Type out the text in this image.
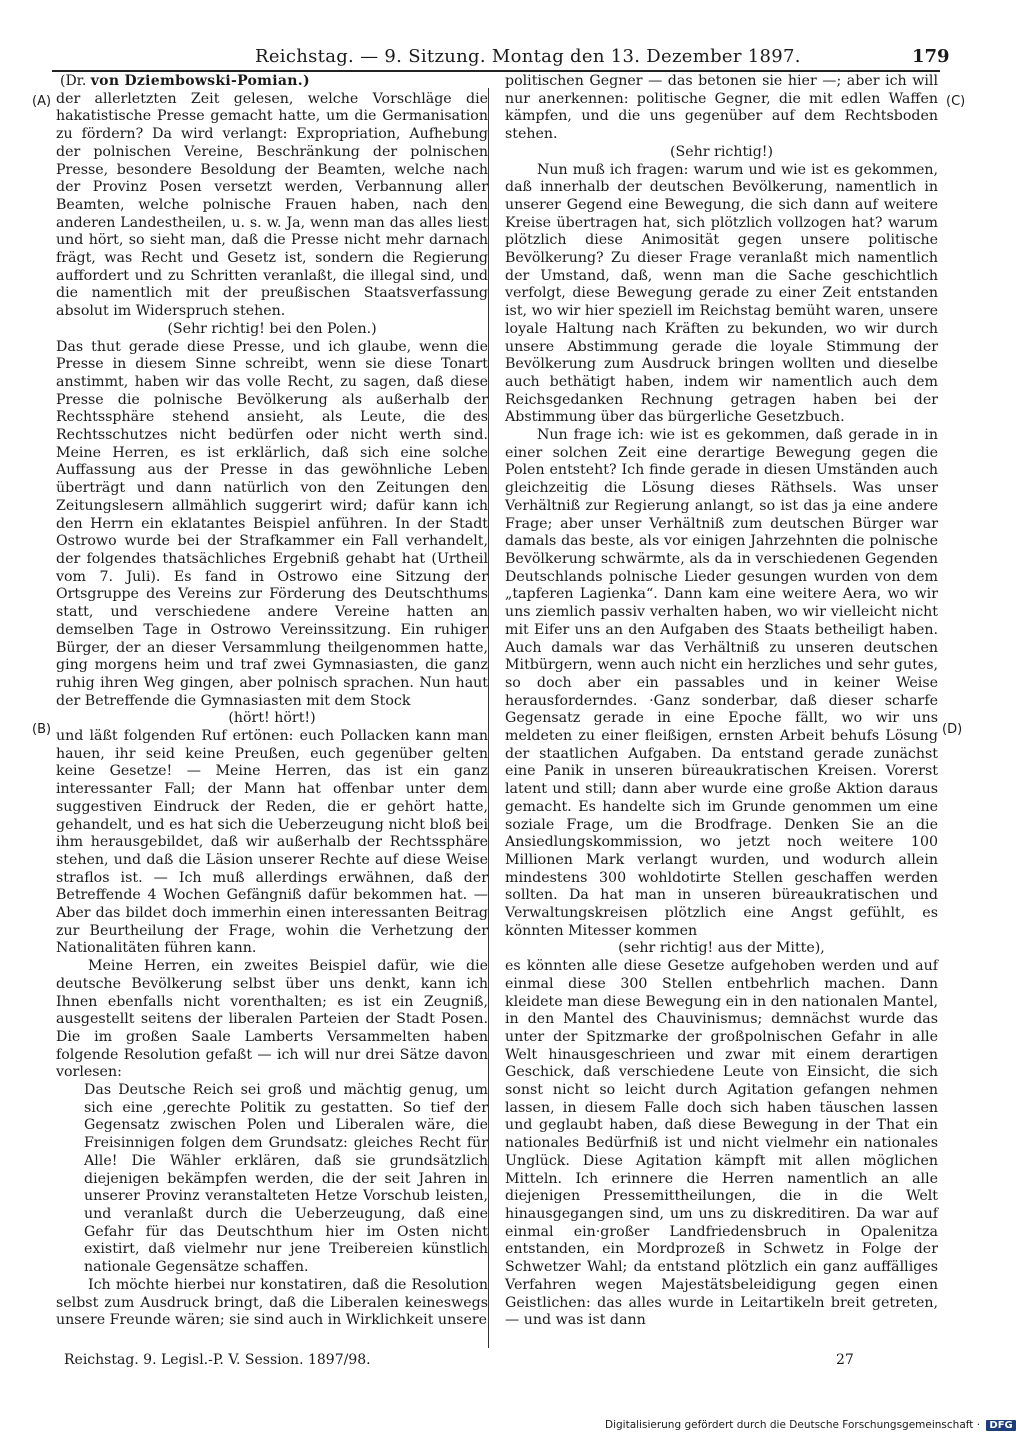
Reichstag. — 9. Sitzung. Montag den 13. Dezember 1897.	179
(A)
(B)
(C)
(D)

(Dr. von Dziembowski-Pomian.)

der allerletzten Zeit gelesen, welche Vorschläge die hakatistische Presse gemacht hatte, um die Germanisation zu fördern? Da wird verlangt: Expropriation, Aufhebung der polnischen Vereine, Beschränkung der polnischen Presse, besondere Besoldung der Beamten, welche nach der Provinz Posen versetzt werden, Verbannung aller Beamten, welche polnische Frauen haben, nach den anderen Landestheilen, u. s. w. Ja, wenn man das alles liest und hört, so sieht man, daß die Presse nicht mehr darnach frägt, was Recht und Gesetz ist, sondern die Regierung auffordert und zu Schritten veranlaßt, die illegal sind, und die namentlich mit der preußischen Staatsverfassung absolut im Widerspruch stehen.

(Sehr richtig! bei den Polen.)

Das thut gerade diese Presse, und ich glaube, wenn die Presse in diesem Sinne schreibt, wenn sie diese Tonart anstimmt, haben wir das volle Recht, zu sagen, daß diese Presse die polnische Bevölkerung als außerhalb der Rechtssphäre stehend ansieht, als Leute, die des Rechtsschutzes nicht bedürfen oder nicht werth sind. Meine Herren, es ist erklärlich, daß sich eine solche Auffassung aus der Presse in das gewöhnliche Leben überträgt und dann natürlich von den Zeitungen den Zeitungslesern allmählich suggerirt wird; dafür kann ich den Herrn ein eklatantes Beispiel anführen. In der Stadt Ostrowo wurde bei der Strafkammer ein Fall verhandelt, der folgendes thatsächliches Ergebniß gehabt hat (Urtheil vom 7. Juli). Es fand in Ostrowo eine Sitzung der Ortsgruppe des Vereins zur Förderung des Deutschthums statt, und verschiedene andere Vereine hatten an demselben Tage in Ostrowo Vereinssitzung. Ein ruhiger Bürger, der an dieser Versammlung theilgenommen hatte, ging morgens heim und traf zwei Gymnasiasten, die ganz ruhig ihren Weg gingen, aber polnisch sprachen. Nun haut der Betreffende die Gymnasiasten mit dem Stock

(hört! hört!)

und läßt folgenden Ruf ertönen: euch Pollacken kann man hauen, ihr seid keine Preußen, euch gegenüber gelten keine Gesetze! — Meine Herren, das ist ein ganz interessanter Fall; der Mann hat offenbar unter dem suggestiven Eindruck der Reden, die er gehört hatte, gehandelt, und es hat sich die Ueberzeugung nicht bloß bei ihm herausgebildet, daß wir außerhalb der Rechtssphäre stehen, und daß die Läsion unserer Rechte auf diese Weise straflos ist. — Ich muß allerdings erwähnen, daß der Betreffende 4 Wochen Gefängniß dafür bekommen hat. — Aber das bildet doch immerhin einen interessanten Beitrag zur Beurtheilung der Frage, wohin die Verhetzung der Nationalitäten führen kann.

Meine Herren, ein zweites Beispiel dafür, wie die deutsche Bevölkerung selbst über uns denkt, kann ich Ihnen ebenfalls nicht vorenthalten; es ist ein Zeugniß, ausgestellt seitens der liberalen Parteien der Stadt Posen. Die im großen Saale Lamberts Versammelten haben folgende Resolution gefaßt — ich will nur drei Sätze davon vorlesen:

Das Deutsche Reich sei groß und mächtig genug, um sich eine ,gerechte Politik zu gestatten. So tief der Gegensatz zwischen Polen und Liberalen wäre, die Freisinnigen folgen dem Grundsatz: gleiches Recht für Alle! Die Wähler erklären, daß sie grundsätzlich diejenigen bekämpfen werden, die der seit Jahren in unserer Provinz veranstalteten Hetze Vorschub leisten, und veranlaßt durch die Ueberzeugung, daß eine Gefahr für das Deutschthum hier im Osten nicht existirt, daß vielmehr nur jene Treibereien künstlich nationale Gegensätze schaffen.

Ich möchte hierbei nur konstatiren, daß die Resolution selbst zum Ausdruck bringt, daß die Liberalen keineswegs unsere Freunde wären; sie sind auch in Wirklichkeit unsere

politischen Gegner — das betonen sie hier —; aber ich will nur anerkennen: politische Gegner, die mit edlen Waffen kämpfen, und die uns gegenüber auf dem Rechtsboden stehen.

(Sehr richtig!)

Nun muß ich fragen: warum und wie ist es gekommen, daß innerhalb der deutschen Bevölkerung, namentlich in unserer Gegend eine Bewegung, die sich dann auf weitere Kreise übertragen hat, sich plötzlich vollzogen hat? warum plötzlich diese Animosität gegen unsere politische Bevölkerung? Zu dieser Frage veranlaßt mich namentlich der Umstand, daß, wenn man die Sache geschichtlich verfolgt, diese Bewegung gerade zu einer Zeit entstanden ist, wo wir hier speziell im Reichstag bemüht waren, unsere loyale Haltung nach Kräften zu bekunden, wo wir durch unsere Abstimmung gerade die loyale Stimmung der Bevölkerung zum Ausdruck bringen wollten und dieselbe auch bethätigt haben, indem wir namentlich auch dem Reichsgedanken Rechnung getragen haben bei der Abstimmung über das bürgerliche Gesetzbuch.

Nun frage ich: wie ist es gekommen, daß gerade in in einer solchen Zeit eine derartige Bewegung gegen die Polen entsteht? Ich finde gerade in diesen Umständen auch gleichzeitig die Lösung dieses Räthsels. Was unser Verhältniß zur Regierung anlangt, so ist das ja eine andere Frage; aber unser Verhältniß zum deutschen Bürger war damals das beste, als vor einigen Jahrzehnten die polnische Bevölkerung schwärmte, als da in verschiedenen Gegenden Deutschlands polnische Lieder gesungen wurden von dem „tapferen Lagienka“. Dann kam eine weitere Aera, wo wir uns ziemlich passiv verhalten haben, wo wir vielleicht nicht mit Eifer uns an den Aufgaben des Staats betheiligt haben. Auch damals war das Verhältniß zu unseren deutschen Mitbürgern, wenn auch nicht ein herzliches und sehr gutes, so doch aber ein passables und in keiner Weise herausforderndes. ·Ganz sonderbar, daß dieser scharfe Gegensatz gerade in eine Epoche fällt, wo wir uns meldeten zu einer fleißigen, ernsten Arbeit behufs Lösung der staatlichen Aufgaben. Da entstand gerade zunächst eine Panik in unseren büreaukratischen Kreisen. Vorerst latent und still; dann aber wurde eine große Aktion daraus gemacht. Es handelte sich im Grunde genommen um eine soziale Frage, um die Brodfrage. Denken Sie an die Ansiedlungskommission, wo jetzt noch weitere 100 Millionen Mark verlangt wurden, und wodurch allein mindestens 300 wohldotirte Stellen geschaffen werden sollten. Da hat man in unseren büreaukratischen und Verwaltungskreisen plötzlich eine Angst gefühlt, es könnten Mitesser kommen

(sehr richtig! aus der Mitte),

es könnten alle diese Gesetze aufgehoben werden und auf einmal diese 300 Stellen entbehrlich machen. Dann kleidete man diese Bewegung ein in den nationalen Mantel, in den Mantel des Chauvinismus; demnächst wurde das unter der Spitzmarke der großpolnischen Gefahr in alle Welt hinausgeschrieen und zwar mit einem derartigen Geschick, daß verschiedene Leute von Einsicht, die sich sonst nicht so leicht durch Agitation gefangen nehmen lassen, in diesem Falle doch sich haben täuschen lassen und geglaubt haben, daß diese Bewegung in der That ein nationales Bedürfniß ist und nicht vielmehr ein nationales Unglück. Diese Agitation kämpft mit allen möglichen Mitteln. Ich erinnere die Herren namentlich an alle diejenigen Pressemittheilungen, die in die Welt hinausgegangen sind, um uns zu diskreditiren. Da war auf einmal ein·großer Landfriedensbruch in Opalenitza entstanden, ein Mordprozeß in Schwetz in Folge der Schwetzer Wahl; da entstand plötzlich ein ganz auffälliges Verfahren wegen Majestätsbeleidigung gegen einen Geistlichen: das alles wurde in Leitartikeln breit getreten, — und was ist dann

Reichstag. 9. Legisl.-P. V. Session. 1897/98.	27
Digitalisierung gefördert durch die Deutsche Forschungsgemeinschaft · DFG
